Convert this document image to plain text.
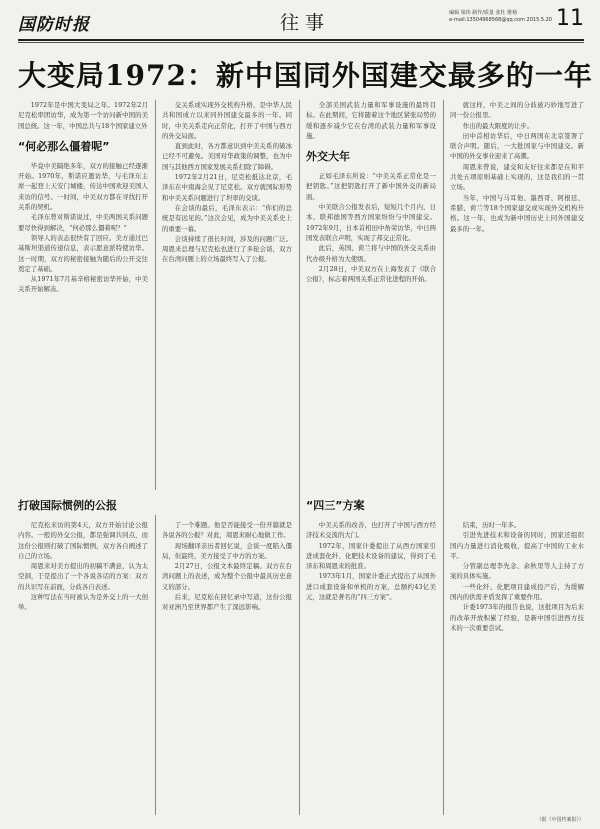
国防时报	往事	编辑 梁伟 制作/质量 张杜 维杨
e-mail:13504968568@qq.com 2015.5.20 11
大变局1972：新中国同外国建交最多的一年

1972年是中国大变局之年。1972年2月尼克松率团访华，成为第一个访问新中国的美国总统。这一年，中国总共与18个国家建立外

“何必那么僵着呢”

毕竟中美隔绝多年，双方的接触已经逐渐开始。1970年，斯诺应邀访华，与毛泽东主席一起登上天安门城楼，传达中国欢迎美国人来访的信号。一时间，中美双方都在寻找打开关系的契机。

毛泽东曾对斯诺说过，中美两国关系问题要尽快得到解决，“何必那么僵着呢？”

领导人的表态很快有了回应。美方通过巴基斯坦渠道传递信息，表示愿意派特使访华。这一时期，双方的秘密接触为随后的公开交往奠定了基础。

从1971年7月基辛格秘密访华开始，中美关系开始解冻。

交关系或实现外交机构升格，是中华人民共和国成立以来同外国建交最多的一年。同时，中美关系走向正常化，打开了中国与西方的外交局面。

直到此时，各方都意识到中美关系的破冰已经不可避免。美国对华政策的调整，也为中国与其他西方国家发展关系扫除了障碍。

1972年2月21日，尼克松抵达北京，毛泽东在中南海会见了尼克松。双方就国际形势和中美关系问题进行了坦率的交谈。

在会谈的最后，毛泽东表示：“你们的总统是有远见的。”这次会见，成为中美关系史上的重要一幕。

会谈持续了很长时间，涉及的问题广泛。周恩来总理与尼克松也进行了多轮会谈，双方在台湾问题上的立场最终写入了公报。

全部美国武装力量和军事设施的最终目标。在此期间，它将随着这个地区紧张局势的缓和逐步减少它在台湾的武装力量和军事设施。

外交大年

正如毛泽东所说：“中美关系正常化是一把钥匙。”这把钥匙打开了新中国外交的新局面。

中美联合公报发表后，短短几个月内，日本、联邦德国等西方国家纷纷与中国建交。1972年9月，日本首相田中角荣访华，中日两国发表联合声明，实现了邦交正常化。

此后，英国、荷兰将与中国的外交关系由代办级升格为大使级。

2月28日，中美双方在上海发表了《联合公报》，标志着两国关系正常化进程的开始。

就这样，中美之间的分歧被巧妙地写进了同一份公报里。

作出的最大限度的让步。

田中首相访华后，中日两国在北京签署了联合声明。随后，一大批国家与中国建交。新中国的外交事业迎来了高潮。

周恩来曾说，建交和友好往来都是在和平共处五项原则基础上实现的，这是我们的一贯立场。

当年，中国与马耳他、墨西哥、阿根廷、希腊、荷兰等18个国家建交或实现外交机构升格。这一年，也成为新中国历史上同外国建交最多的一年。

打破国际惯例的公报

尼克松来访的第4天，双方开始讨论公报内容。一般的外交公报，都是强调共同点，而这份公报则打破了国际惯例，双方各自阐述了自己的立场。

周恩来对美方提出的初稿不满意，认为太空洞，于是提出了一个各说各话的方案：双方的共识写在前面，分歧各自表述。

这种写法在当时被认为是外交上的一大创举。

了一个难题。他是否能接受一份开篇就是各说各的公报？对此，周恩来耐心地做工作。

现场翻译亲历者回忆说，会谈一度陷入僵局，但最终，美方接受了中方的方案。

2月27日，公报文本最终定稿。双方在台湾问题上的表述，成为整个公报中最具历史意义的部分。

后来，尼克松在回忆录中写道，这份公报对亚洲乃至世界都产生了深远影响。

“四三”方案

中美关系的改善，也打开了中国与西方经济技术交流的大门。

1972年，国家计委提出了从西方国家引进成套化纤、化肥技术设备的建议，得到了毛泽东和周恩来的批准。

1973年1月，国家计委正式提出了从国外进口成套设备和单机的方案，总额约43亿美元，这就是著名的“四三方案”。

结束，历时一年多。

引进先进技术和设备的同时，国家还组织国内力量进行消化吸收，提高了中国的工业水平。

分管副总理李先念、余秋里等人主持了方案的具体实施。

一些化纤、化肥项目建成投产后，为缓解国内的供需矛盾发挥了重要作用。

计委1973年的报告也说，这批项目为后来的改革开放积累了经验，是新中国引进西方技术的一次重要尝试。

（据《中国档案报》）
